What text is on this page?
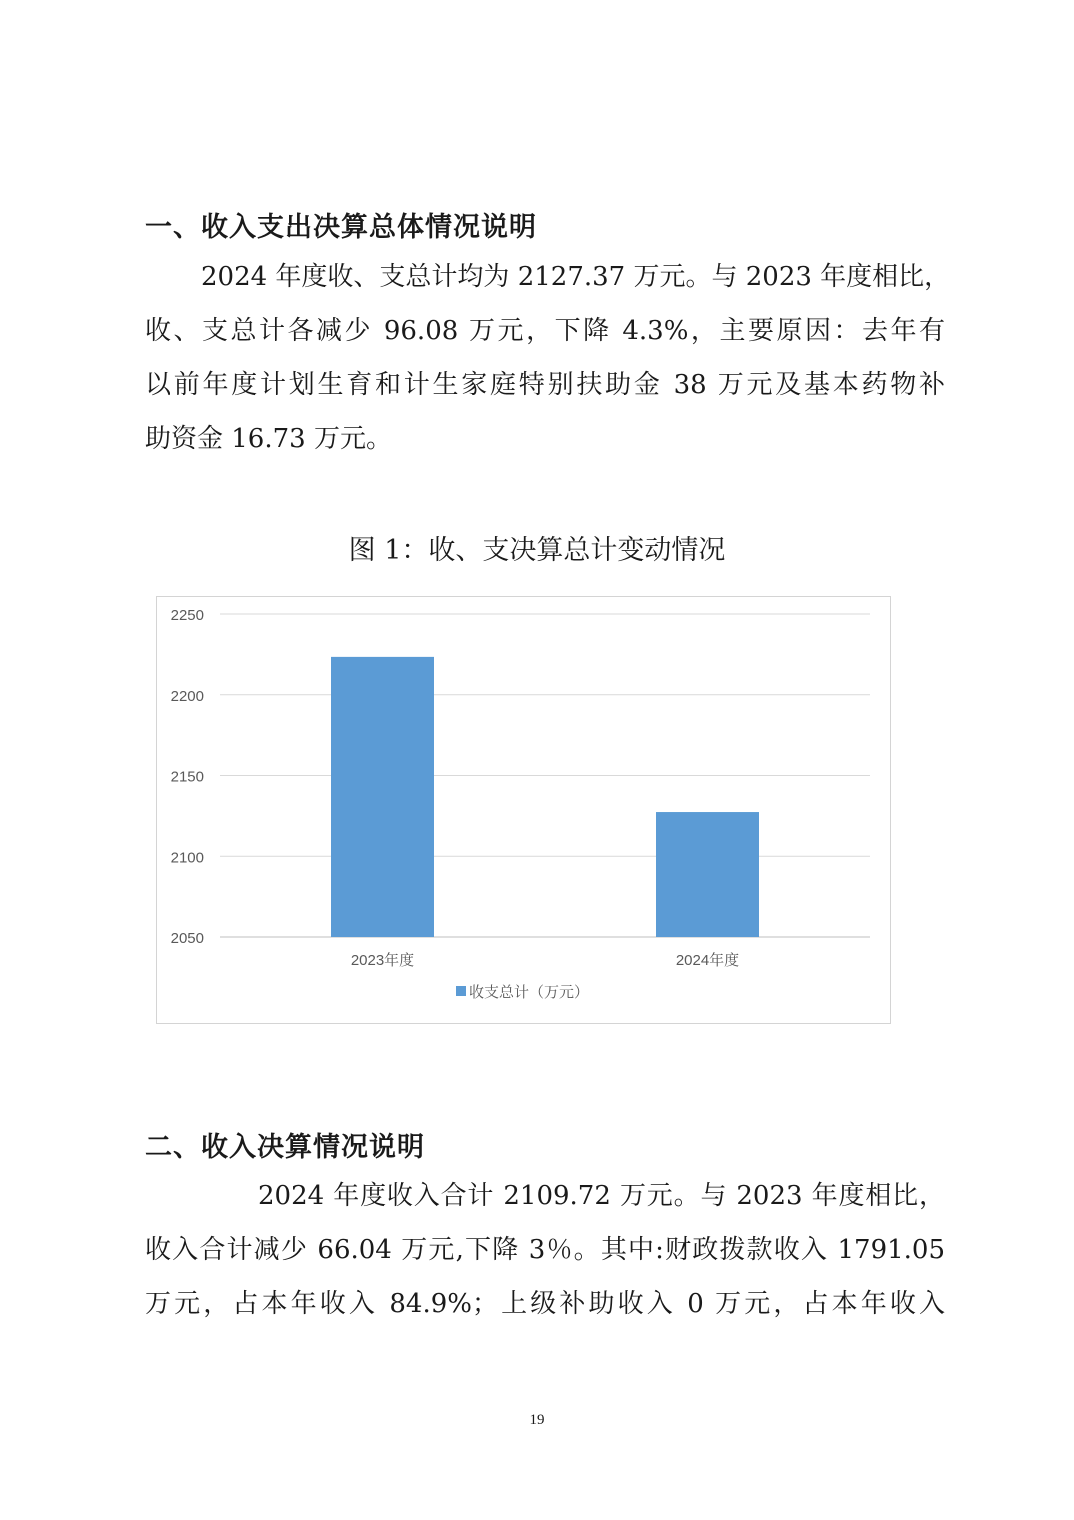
一、收入支出决算总体情况说明
2024 年度收、支总计均为 2127.37 万元。与 2023 年度相比，
收、支总计各减少 96.08 万元，下降 4.3%，主要原因：去年有
以前年度计划生育和计生家庭特别扶助金 38 万元及基本药物补
助资金 16.73 万元。
图 1：收、支决算总计变动情况
2050
2100
2150
2200
2250
2023年度	2024年度
收支总计（万元）
二、收入决算情况说明
2024 年度收入合计 2109.72 万元。与 2023 年度相比，
收入合计减少 66.04 万元,下降 3％。其中:财政拨款收入 1791.05
万元，占本年收入 84.9%；上级补助收入 0 万元，占本年收入
19
